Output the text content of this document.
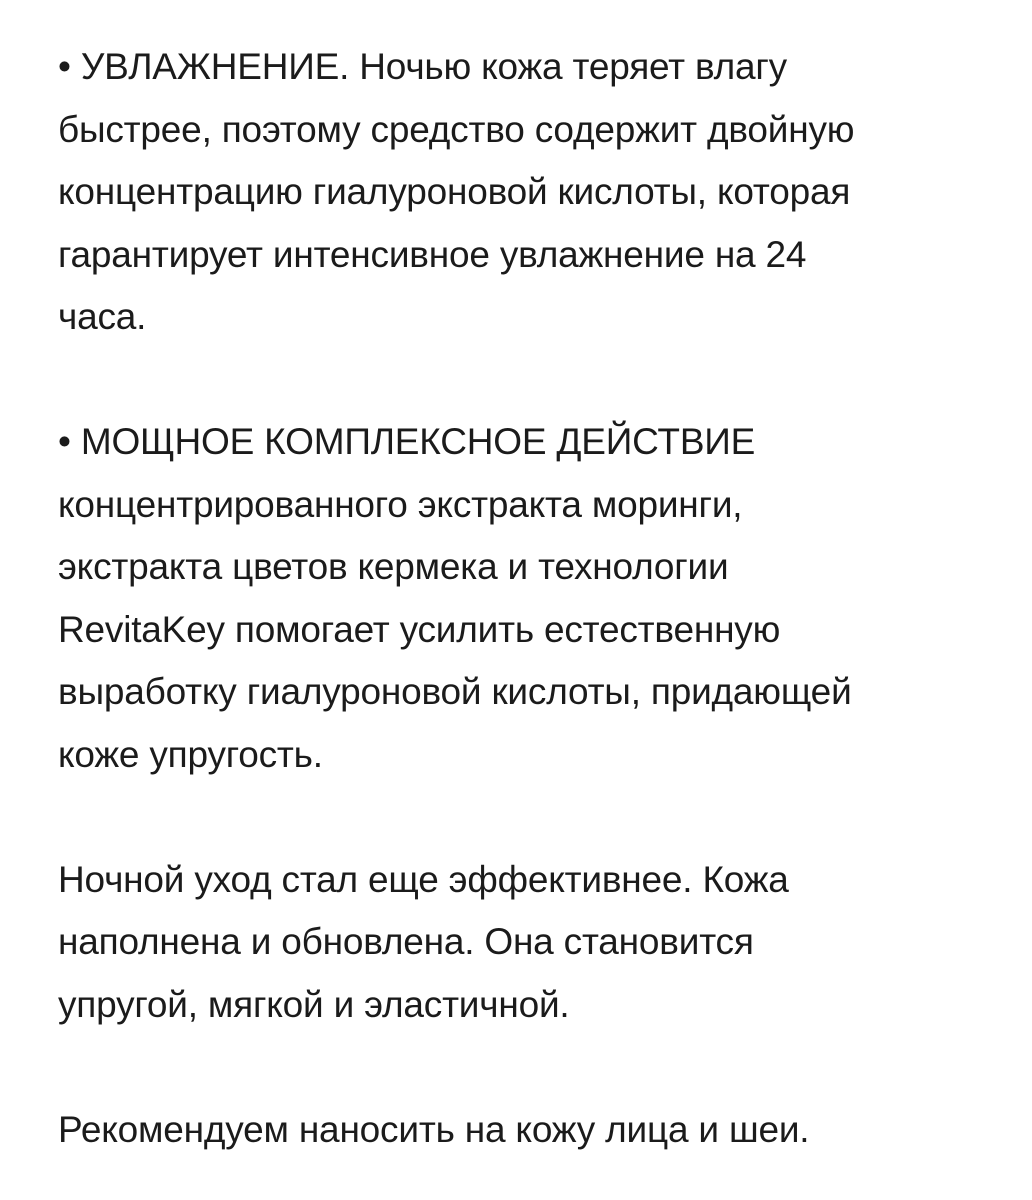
• УВЛАЖНЕНИЕ. Ночью кожа теряет влагу
быстрее, поэтому средство содержит двойную
концентрацию гиалуроновой кислоты, которая
гарантирует интенсивное увлажнение на 24
часа.

• МОЩНОЕ КОМПЛЕКСНОЕ ДЕЙСТВИЕ
концентрированного экстракта моринги,
экстракта цветов кермека и технологии
RevitaKey помогает усилить естественную
выработку гиалуроновой кислоты, придающей
коже упругость.

Ночной уход стал еще эффективнее. Кожа
наполнена и обновлена. Она становится
упругой, мягкой и эластичной.

Рекомендуем наносить на кожу лица и шеи.
